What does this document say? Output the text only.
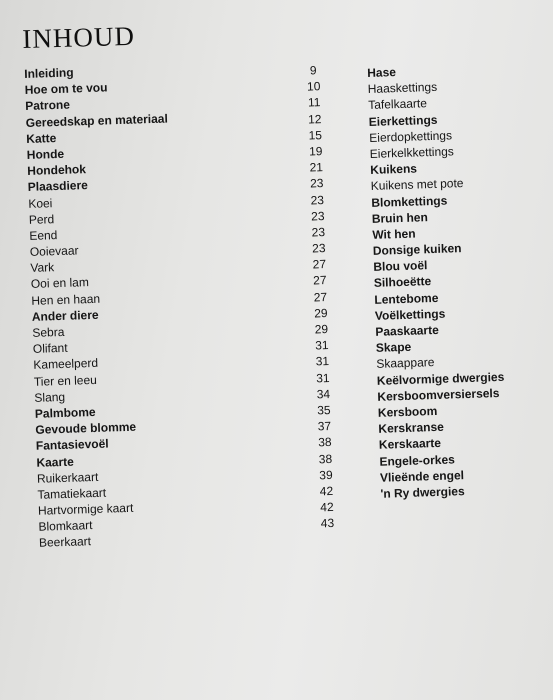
INHOUD
Inleiding
Hoe om te vou
Patrone
Gereedskap en materiaal
Katte
Honde
Hondehok
Plaasdiere
Koei
Perd
Eend
Ooievaar
Vark
Ooi en lam
Hen en haan
Ander diere
Sebra
Olifant
Kameelperd
Tier en leeu
Slang
Palmbome
Gevoude blomme
Fantasievoël
Kaarte
Ruikerkaart
Tamatiekaart
Hartvormige kaart
Blomkaart
Beerkaart
9
10
11
12
15
19
21
23
23
23
23
23
27
27
27
29
29
31
31
31
34
35
37
38
38
39
42
42
43
Hase
Haaskettings
Tafelkaarte
Eierkettings
Eierdopkettings
Eierkelkkettings
Kuikens
Kuikens met pote
Blomkettings
Bruin hen
Wit hen
Donsige kuiken
Blou voël
Silhoeëtte
Lentebome
Voëlkettings
Paaskaarte
Skape
Skaappare
Keëlvormige dwergies
Kersboomversiersels
Kersboom
Kerskranse
Kerskaarte
Engele-orkes
Vlieënde engel
'n Ry dwergies
